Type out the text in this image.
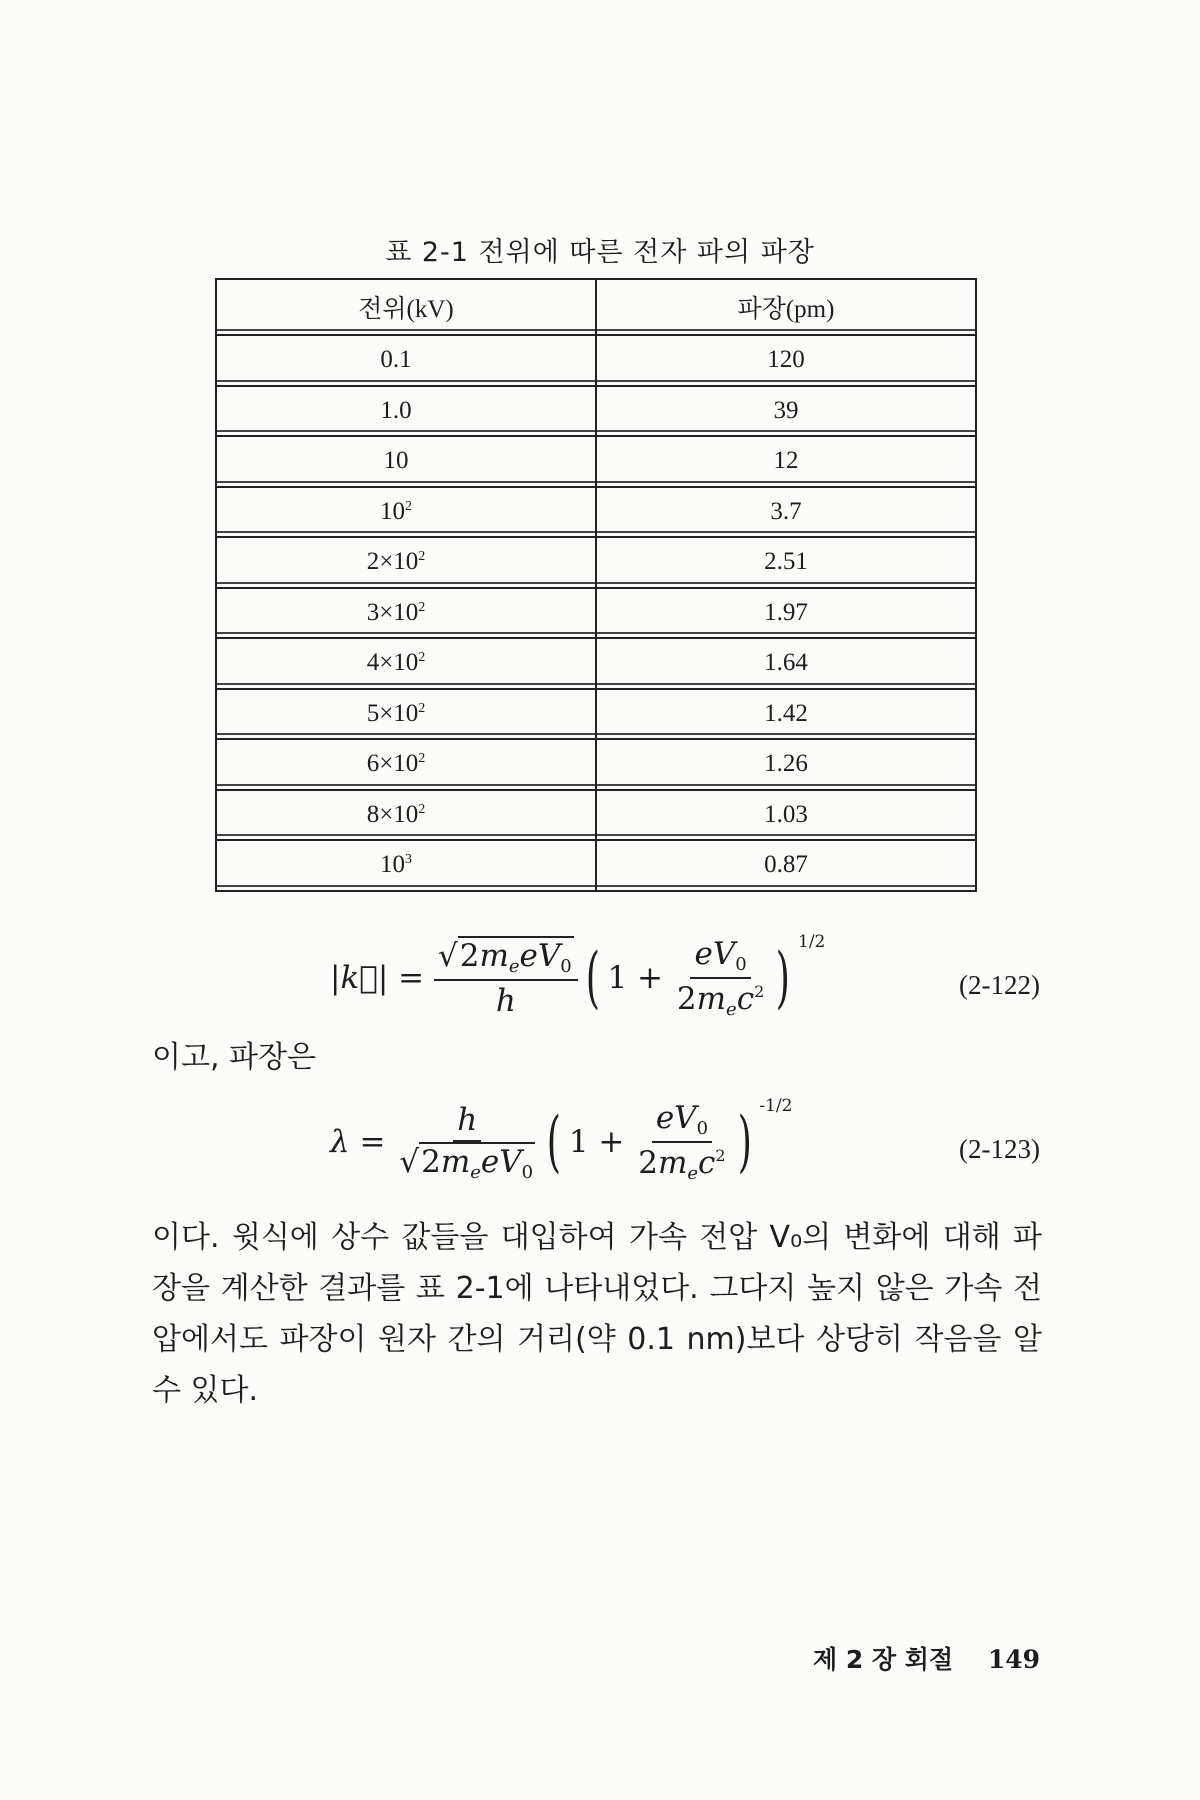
표 2-1 전위에 따른 전자 파의 파장
전위(kV)	파장(pm)
0.1	120
1.0	39
10	12
$10^2$	3.7
$2\times 10^2$	2.51
$3\times 10^2$	1.97
$4\times 10^2$	1.64
$5\times 10^2$	1.42
$6\times 10^2$	1.26
$8\times 10^2$	1.03
$10^3$	0.87
|k⃗| = $\frac{√2m_eeV_0}{h}$ ( $1 + \frac{eV_0}{2m_ec^2}$ ) 1/2
(2-122)
이고, 파장은
$\lambda = \frac{h}{√2m_eeV_0}$ ( $1 + \frac{eV_0}{2m_ec^2}$ ) -1/2
(2-123)
이다. 윗식에 상수 값들을 대입하여 가속 전압 V₀의 변화에 대해 파장을 계산한 결과를 표 2-1에 나타내었다. 그다지 높지 않은 가속 전압에서도 파장이 원자 간의 거리(약 0.1 nm)보다 상당히 작음을 알 수 있다.
제 2 장 회절 149
